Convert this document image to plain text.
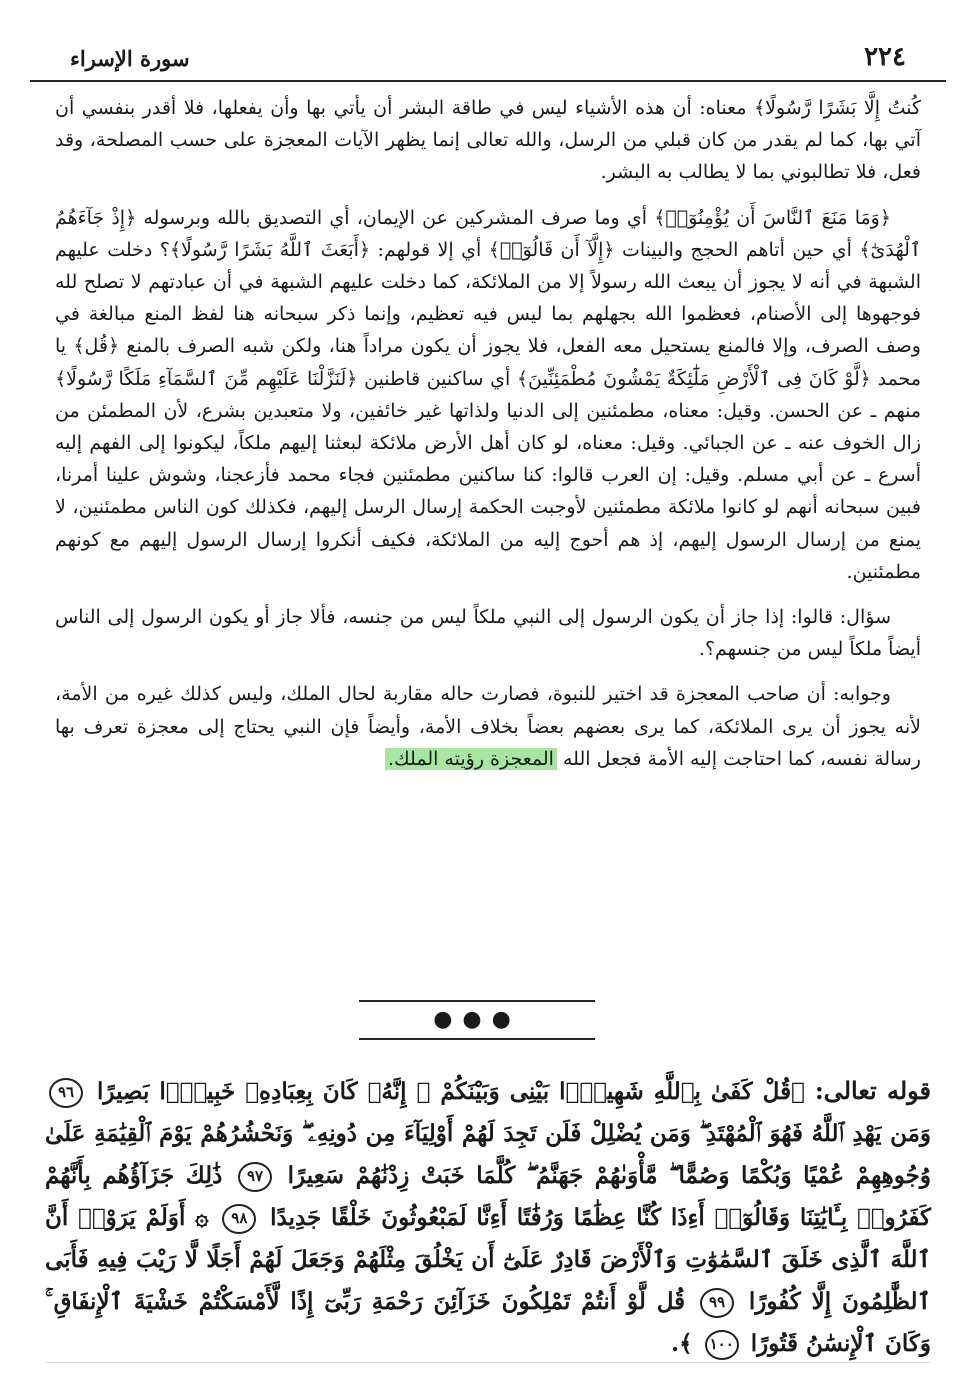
٢٢٤
سورة الإسراء

كُنتُ إِلَّا بَشَرًا رَّسُولًا﴾ معناه: أن هذه الأشياء ليس في طاقة البشر أن يأتي بها وأن يفعلها، فلا أقدر بنفسي أن آتي بها، كما لم يقدر من كان قبلي من الرسل، والله تعالى إنما يظهر الآيات المعجزة على حسب المصلحة، وقد فعل، فلا تطالبوني بما لا يطالب به البشر.

﴿وَمَا مَنَعَ ٱلنَّاسَ أَن يُؤْمِنُوٓا۟﴾ أي وما صرف المشركين عن الإيمان، أي التصديق بالله وبرسوله ﴿إِذْ جَآءَهُمُ ٱلْهُدَىٰٓ﴾ أي حين أتاهم الحجج والبينات ﴿إِلَّآ أَن قَالُوٓا۟﴾ أي إلا قولهم: ﴿أَبَعَثَ ٱللَّهُ بَشَرًا رَّسُولًا﴾؟ دخلت عليهم الشبهة في أنه لا يجوز أن يبعث الله رسولاً إلا من الملائكة، كما دخلت عليهم الشبهة في أن عبادتهم لا تصلح لله فوجهوها إلى الأصنام، فعظموا الله بجهلهم بما ليس فيه تعظيم، وإنما ذكر سبحانه هنا لفظ المنع مبالغة في وصف الصرف، وإلا فالمنع يستحيل معه الفعل، فلا يجوز أن يكون مراداً هنا، ولكن شبه الصرف بالمنع ﴿قُل﴾ يا محمد ﴿لَّوْ كَانَ فِى ٱلْأَرْضِ مَلَٰٓئِكَةٌ يَمْشُونَ مُطْمَئِنِّينَ﴾ أي ساكنين قاطنين ﴿لَنَزَّلْنَا عَلَيْهِم مِّنَ ٱلسَّمَآءِ مَلَكًا رَّسُولًا﴾ منهم ـ عن الحسن. وقيل: معناه، مطمئنين إلى الدنيا ولذاتها غير خائفين، ولا متعبدين بشرع، لأن المطمئن من زال الخوف عنه ـ عن الجبائي. وقيل: معناه، لو كان أهل الأرض ملائكة لبعثنا إليهم ملكاً، ليكونوا إلى الفهم إليه أسرع ـ عن أبي مسلم. وقيل: إن العرب قالوا: كنا ساكنين مطمئنين فجاء محمد فأزعجنا، وشوش علينا أمرنا، فبين سبحانه أنهم لو كانوا ملائكة مطمئنين لأوجبت الحكمة إرسال الرسل إليهم، فكذلك كون الناس مطمئنين، لا يمنع من إرسال الرسول إليهم، إذ هم أحوج إليه من الملائكة، فكيف أنكروا إرسال الرسول إليهم مع كونهم مطمئنين.

سؤال: قالوا: إذا جاز أن يكون الرسول إلى النبي ملكاً ليس من جنسه، فألا جاز أو يكون الرسول إلى الناس أيضاً ملكاً ليس من جنسهم؟.

وجوابه: أن صاحب المعجزة قد اختير للنبوة، فصارت حاله مقاربة لحال الملك، وليس كذلك غيره من الأمة، لأنه يجوز أن يرى الملائكة، كما يرى بعضهم بعضاً بخلاف الأمة، وأيضاً فإن النبي يحتاج إلى معجزة تعرف بها رسالة نفسه، كما احتاجت إليه الأمة فجعل الله المعجزة رؤيته الملك.

●●●
قوله تعالى: ﴿قُلْ كَفَىٰ بِٱللَّهِ شَهِيدًۢا بَيْنِى وَبَيْنَكُمْ ۚ إِنَّهُۥ كَانَ بِعِبَادِهِۦ خَبِيرًۢا بَصِيرًا ٩٦ وَمَن يَهْدِ ٱللَّهُ فَهُوَ ٱلْمُهْتَدِ ۖ وَمَن يُضْلِلْ فَلَن تَجِدَ لَهُمْ أَوْلِيَآءَ مِن دُونِهِۦ ۖ وَنَحْشُرُهُمْ يَوْمَ ٱلْقِيَٰمَةِ عَلَىٰ وُجُوهِهِمْ عُمْيًا وَبُكْمًا وَصُمًّا ۖ مَّأْوَىٰهُمْ جَهَنَّمُ ۖ كُلَّمَا خَبَتْ زِدْنَٰهُمْ سَعِيرًا ٩٧ ذَٰلِكَ جَزَآؤُهُم بِأَنَّهُمْ كَفَرُوا۟ بِـَٔايَٰتِنَا وَقَالُوٓا۟ أَءِذَا كُنَّا عِظَٰمًا وَرُفَٰتًا أَءِنَّا لَمَبْعُوثُونَ خَلْقًا جَدِيدًا ٩٨ ۞ أَوَلَمْ يَرَوْا۟ أَنَّ ٱللَّهَ ٱلَّذِى خَلَقَ ٱلسَّمَٰوَٰتِ وَٱلْأَرْضَ قَادِرٌ عَلَىٰٓ أَن يَخْلُقَ مِثْلَهُمْ وَجَعَلَ لَهُمْ أَجَلًا لَّا رَيْبَ فِيهِ فَأَبَى ٱلظَّٰلِمُونَ إِلَّا كُفُورًا ٩٩ قُل لَّوْ أَنتُمْ تَمْلِكُونَ خَزَآئِنَ رَحْمَةِ رَبِّىٓ إِذًا لَّأَمْسَكْتُمْ خَشْيَةَ ٱلْإِنفَاقِ ۚ وَكَانَ ٱلْإِنسَٰنُ قَتُورًا ١٠٠ ﴾.
